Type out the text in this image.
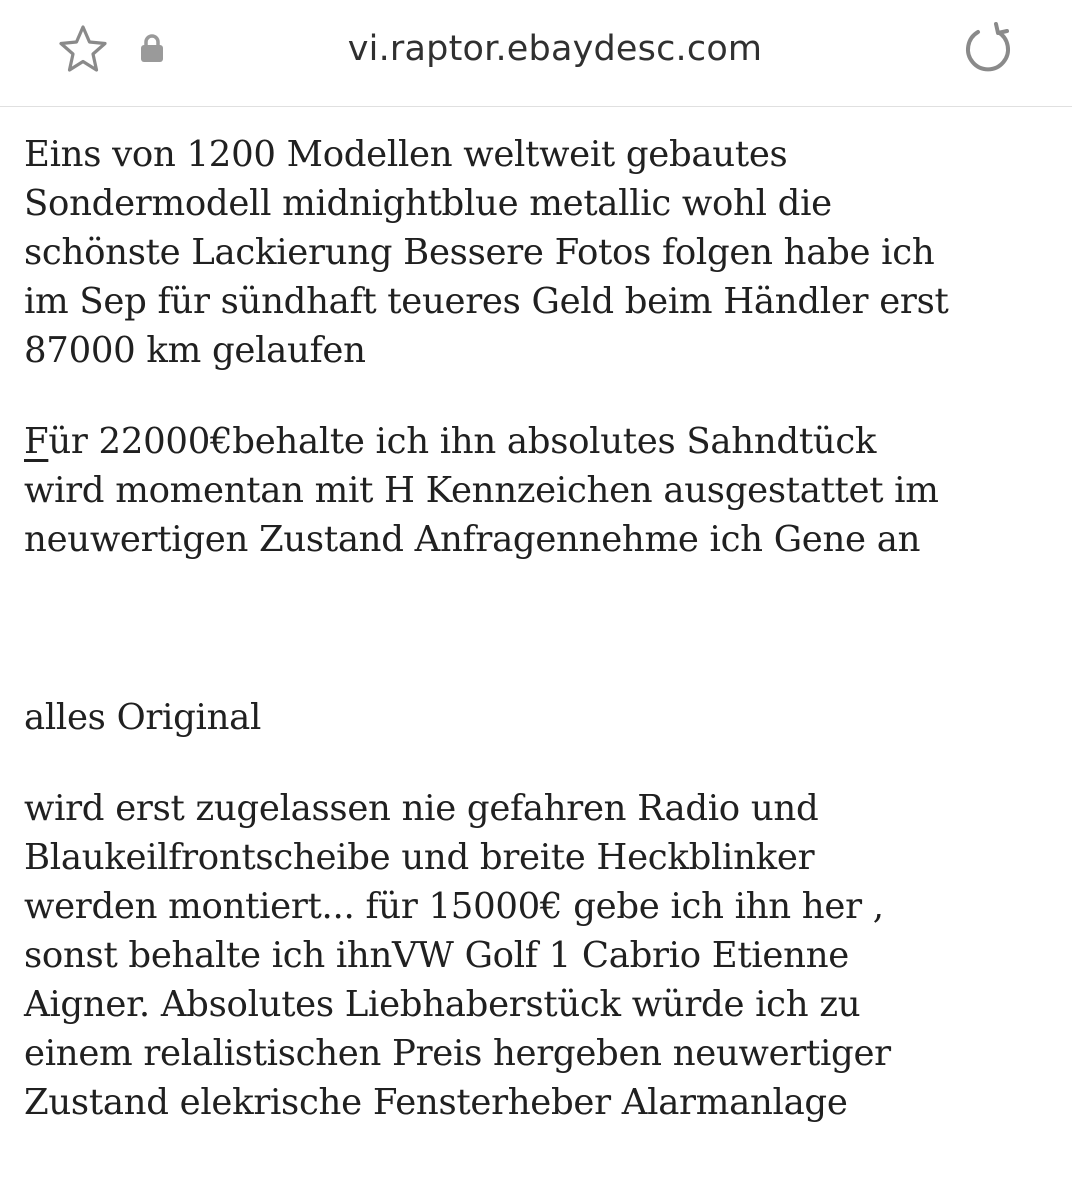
vi.raptor.ebaydesc.com

Eins von 1200 Modellen weltweit gebautes
Sondermodell midnightblue metallic wohl die
schönste Lackierung Bessere Fotos folgen habe ich
im Sep für sündhaft teueres Geld beim Händler erst
87000 km gelaufen

Für 22000€behalte ich ihn absolutes Sahndtück
wird momentan mit H Kennzeichen ausgestattet im
neuwertigen Zustand Anfragennehme ich Gene an

alles Original

wird erst zugelassen nie gefahren Radio und
Blaukeilfrontscheibe und breite Heckblinker
werden montiert... für 15000€ gebe ich ihn her ,
sonst behalte ich ihnVW Golf 1 Cabrio Etienne
Aigner. Absolutes Liebhaberstück würde ich zu
einem relalistischen Preis hergeben neuwertiger
Zustand elekrische Fensterheber Alarmanlage
